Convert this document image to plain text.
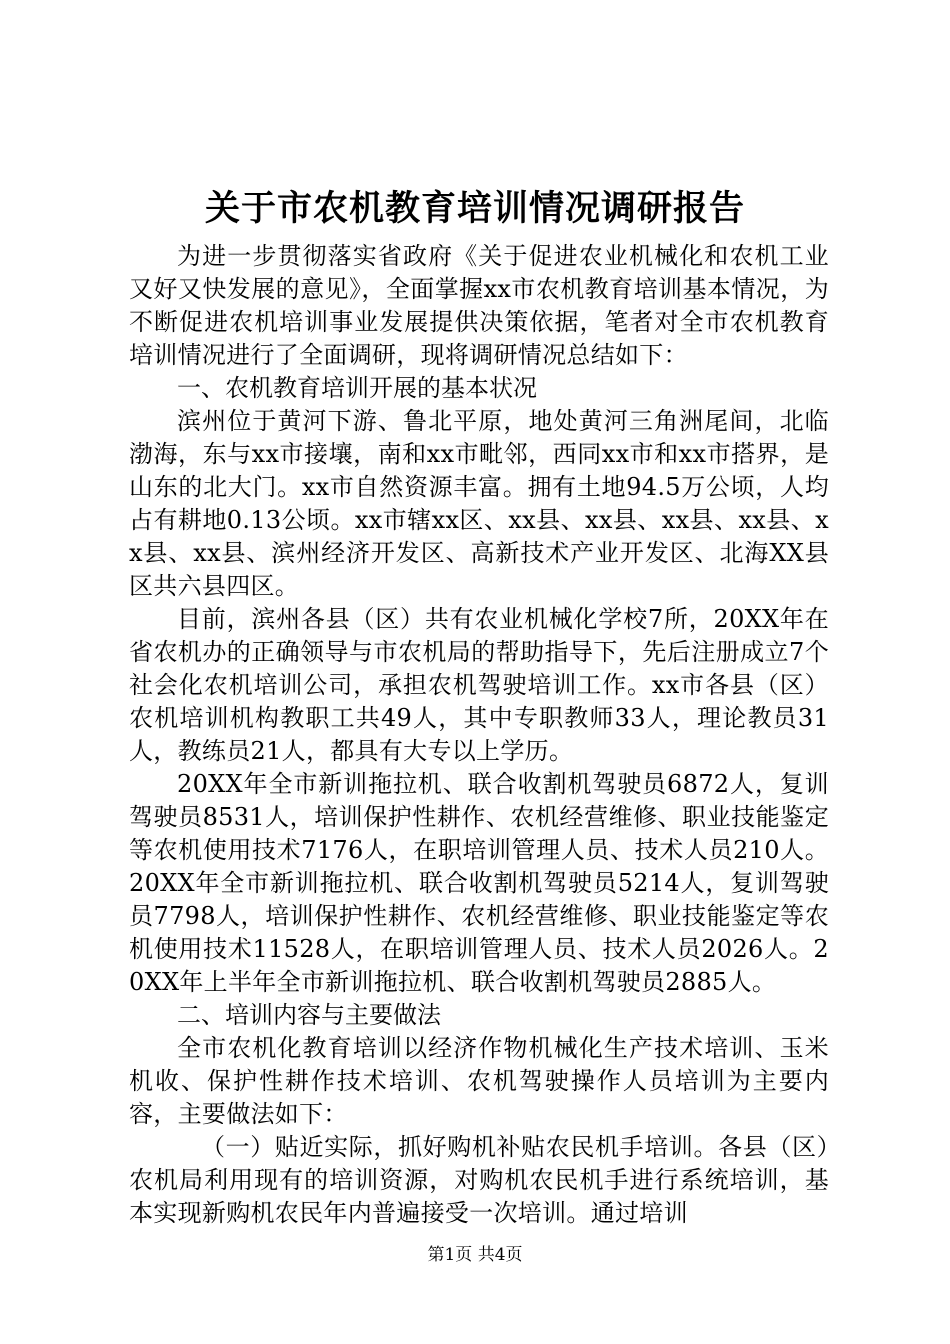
关于市农机教育培训情况调研报告

为进一步贯彻落实省政府《关于促进农业机械化和农机工业又好又快发展的意见》，全面掌握xx市农机教育培训基本情况，为不断促进农机培训事业发展提供决策依据，笔者对全市农机教育培训情况进行了全面调研，现将调研情况总结如下：

一、农机教育培训开展的基本状况

滨州位于黄河下游、鲁北平原，地处黄河三角洲尾间，北临渤海，东与xx市接壤，南和xx市毗邻，西同xx市和xx市搭界，是山东的北大门。xx市自然资源丰富。拥有土地94.5万公顷，人均占有耕地0.13公顷。xx市辖xx区、xx县、xx县、xx县、xx县、xx县、xx县、滨州经济开发区、高新技术产业开发区、北海XX县区共六县四区。

目前，滨州各县（区）共有农业机械化学校7所，20XX年在省农机办的正确领导与市农机局的帮助指导下，先后注册成立7个社会化农机培训公司，承担农机驾驶培训工作。xx市各县（区）农机培训机构教职工共49人，其中专职教师33人，理论教员31人，教练员21人，都具有大专以上学历。

20XX年全市新训拖拉机、联合收割机驾驶员6872人，复训驾驶员8531人，培训保护性耕作、农机经营维修、职业技能鉴定等农机使用技术7176人，在职培训管理人员、技术人员210人。20XX年全市新训拖拉机、联合收割机驾驶员5214人，复训驾驶员7798人，培训保护性耕作、农机经营维修、职业技能鉴定等农机使用技术11528人，在职培训管理人员、技术人员2026人。20XX年上半年全市新训拖拉机、联合收割机驾驶员2885人。

二、培训内容与主要做法

全市农机化教育培训以经济作物机械化生产技术培训、玉米机收、保护性耕作技术培训、农机驾驶操作人员培训为主要内容，主要做法如下：

（一）贴近实际，抓好购机补贴农民机手培训。各县（区）农机局利用现有的培训资源，对购机农民机手进行系统培训，基本实现新购机农民年内普遍接受一次培训。通过培训

第1页 共4页
